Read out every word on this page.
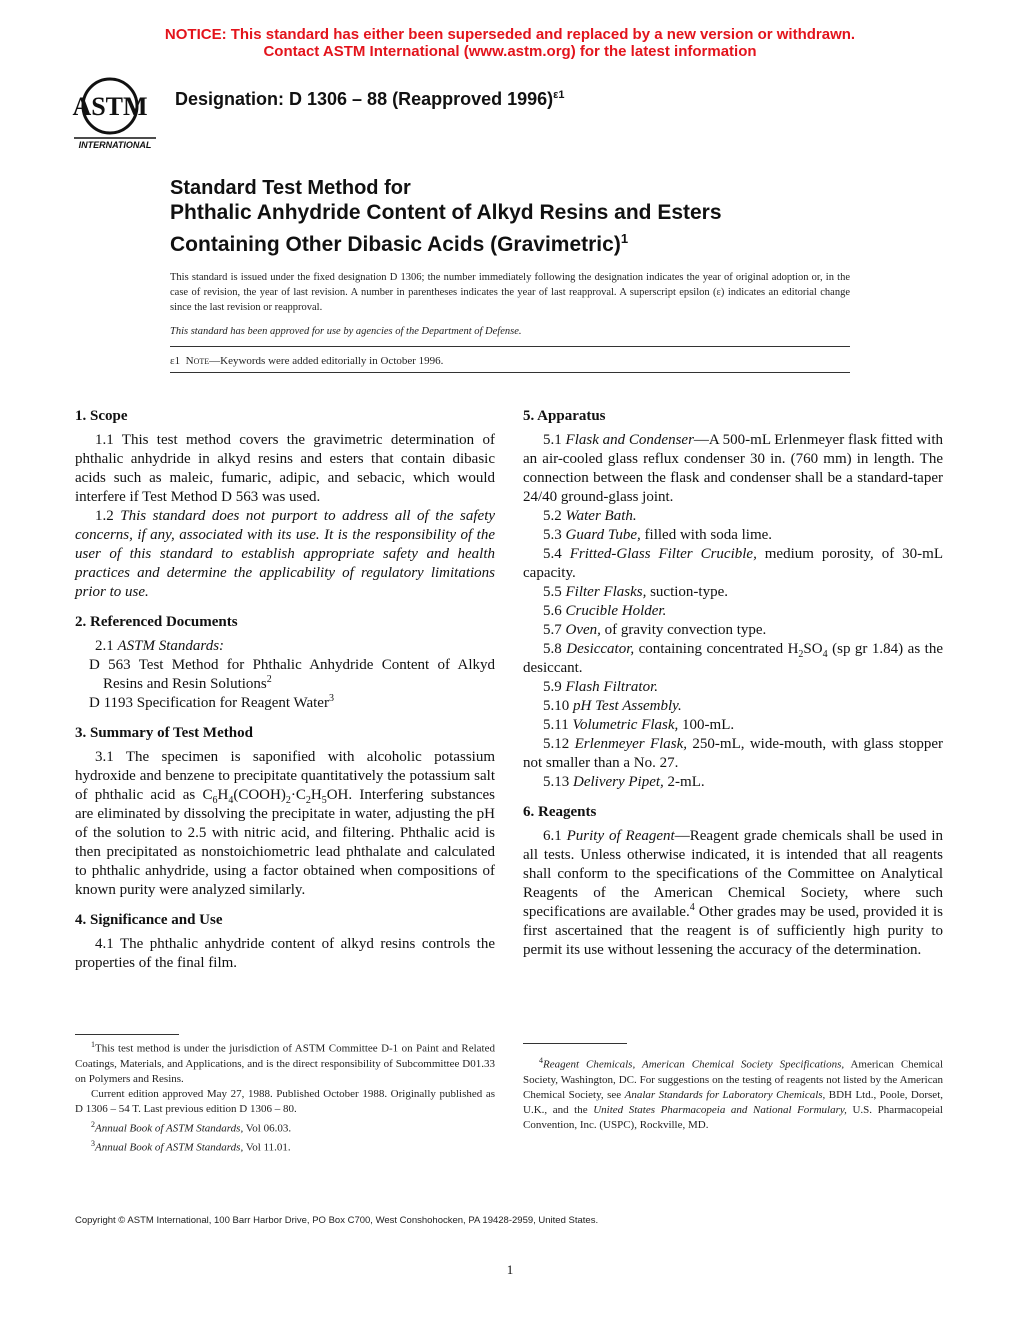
NOTICE: This standard has either been superseded and replaced by a new version or withdrawn.
Contact ASTM International (www.astm.org) for the latest information
ASTM
INTERNATIONAL
Designation: D 1306 – 88 (Reapproved 1996)$^{\varepsilon 1}$
Standard Test Method for
Phthalic Anhydride Content of Alkyd Resins and Esters
Containing Other Dibasic Acids (Gravimetric)$^1$
This standard is issued under the fixed designation D 1306; the number immediately following the designation indicates the year of original adoption or, in the case of revision, the year of last revision. A number in parentheses indicates the year of last reapproval. A superscript epsilon (ε) indicates an editorial change since the last revision or reapproval.
This standard has been approved for use by agencies of the Department of Defense.
ε1 Note—Keywords were added editorially in October 1996.
1. Scope

1.1 This test method covers the gravimetric determination of phthalic anhydride in alkyd resins and esters that contain dibasic acids such as maleic, fumaric, adipic, and sebacic, which would interfere if Test Method D 563 was used.

1.2 This standard does not purport to address all of the safety concerns, if any, associated with its use. It is the responsibility of the user of this standard to establish appropriate safety and health practices and determine the applicability of regulatory limitations prior to use.

2. Referenced Documents

2.1 ASTM Standards:

D 563 Test Method for Phthalic Anhydride Content of Alkyd Resins and Resin Solutions$^2$

D 1193 Specification for Reagent Water$^3$

3. Summary of Test Method

3.1 The specimen is saponified with alcoholic potassium hydroxide and benzene to precipitate quantitatively the potassium salt of phthalic acid as $C_6H_4(COOH)_2\cdot C_2H_5OH$. Interfering substances are eliminated by dissolving the precipitate in water, adjusting the pH of the solution to 2.5 with nitric acid, and filtering. Phthalic acid is then precipitated as nonstoichiometric lead phthalate and calculated to phthalic anhydride, using a factor obtained when compositions of known purity were analyzed similarly.

4. Significance and Use

4.1 The phthalic anhydride content of alkyd resins controls the properties of the final film.

5. Apparatus

5.1 Flask and Condenser—A 500-mL Erlenmeyer flask fitted with an air-cooled glass reflux condenser 30 in. (760 mm) in length. The connection between the flask and condenser shall be a standard-taper 24/40 ground-glass joint.

5.2 Water Bath.

5.3 Guard Tube, filled with soda lime.

5.4 Fritted-Glass Filter Crucible, medium porosity, of 30-mL capacity.

5.5 Filter Flasks, suction-type.

5.6 Crucible Holder.

5.7 Oven, of gravity convection type.

5.8 Desiccator, containing concentrated $H_2SO_4$ (sp gr 1.84) as the desiccant.

5.9 Flash Filtrator.

5.10 pH Test Assembly.

5.11 Volumetric Flask, 100-mL.

5.12 Erlenmeyer Flask, 250-mL, wide-mouth, with glass stopper not smaller than a No. 27.

5.13 Delivery Pipet, 2-mL.

6. Reagents

6.1 Purity of Reagent—Reagent grade chemicals shall be used in all tests. Unless otherwise indicated, it is intended that all reagents shall conform to the specifications of the Committee on Analytical Reagents of the American Chemical Society, where such specifications are available.$^4$ Other grades may be used, provided it is first ascertained that the reagent is of sufficiently high purity to permit its use without lessening the accuracy of the determination.

$^1$This test method is under the jurisdiction of ASTM Committee D-1 on Paint and Related Coatings, Materials, and Applications, and is the direct responsibility of Subcommittee D01.33 on Polymers and Resins.

Current edition approved May 27, 1988. Published October 1988. Originally published as D 1306 – 54 T. Last previous edition D 1306 – 80.

$^2$Annual Book of ASTM Standards, Vol 06.03.

$^3$Annual Book of ASTM Standards, Vol 11.01.

$^4$Reagent Chemicals, American Chemical Society Specifications, American Chemical Society, Washington, DC. For suggestions on the testing of reagents not listed by the American Chemical Society, see Analar Standards for Laboratory Chemicals, BDH Ltd., Poole, Dorset, U.K., and the United States Pharmacopeia and National Formulary, U.S. Pharmacopeial Convention, Inc. (USPC), Rockville, MD.

Copyright © ASTM International, 100 Barr Harbor Drive, PO Box C700, West Conshohocken, PA 19428-2959, United States.
1
